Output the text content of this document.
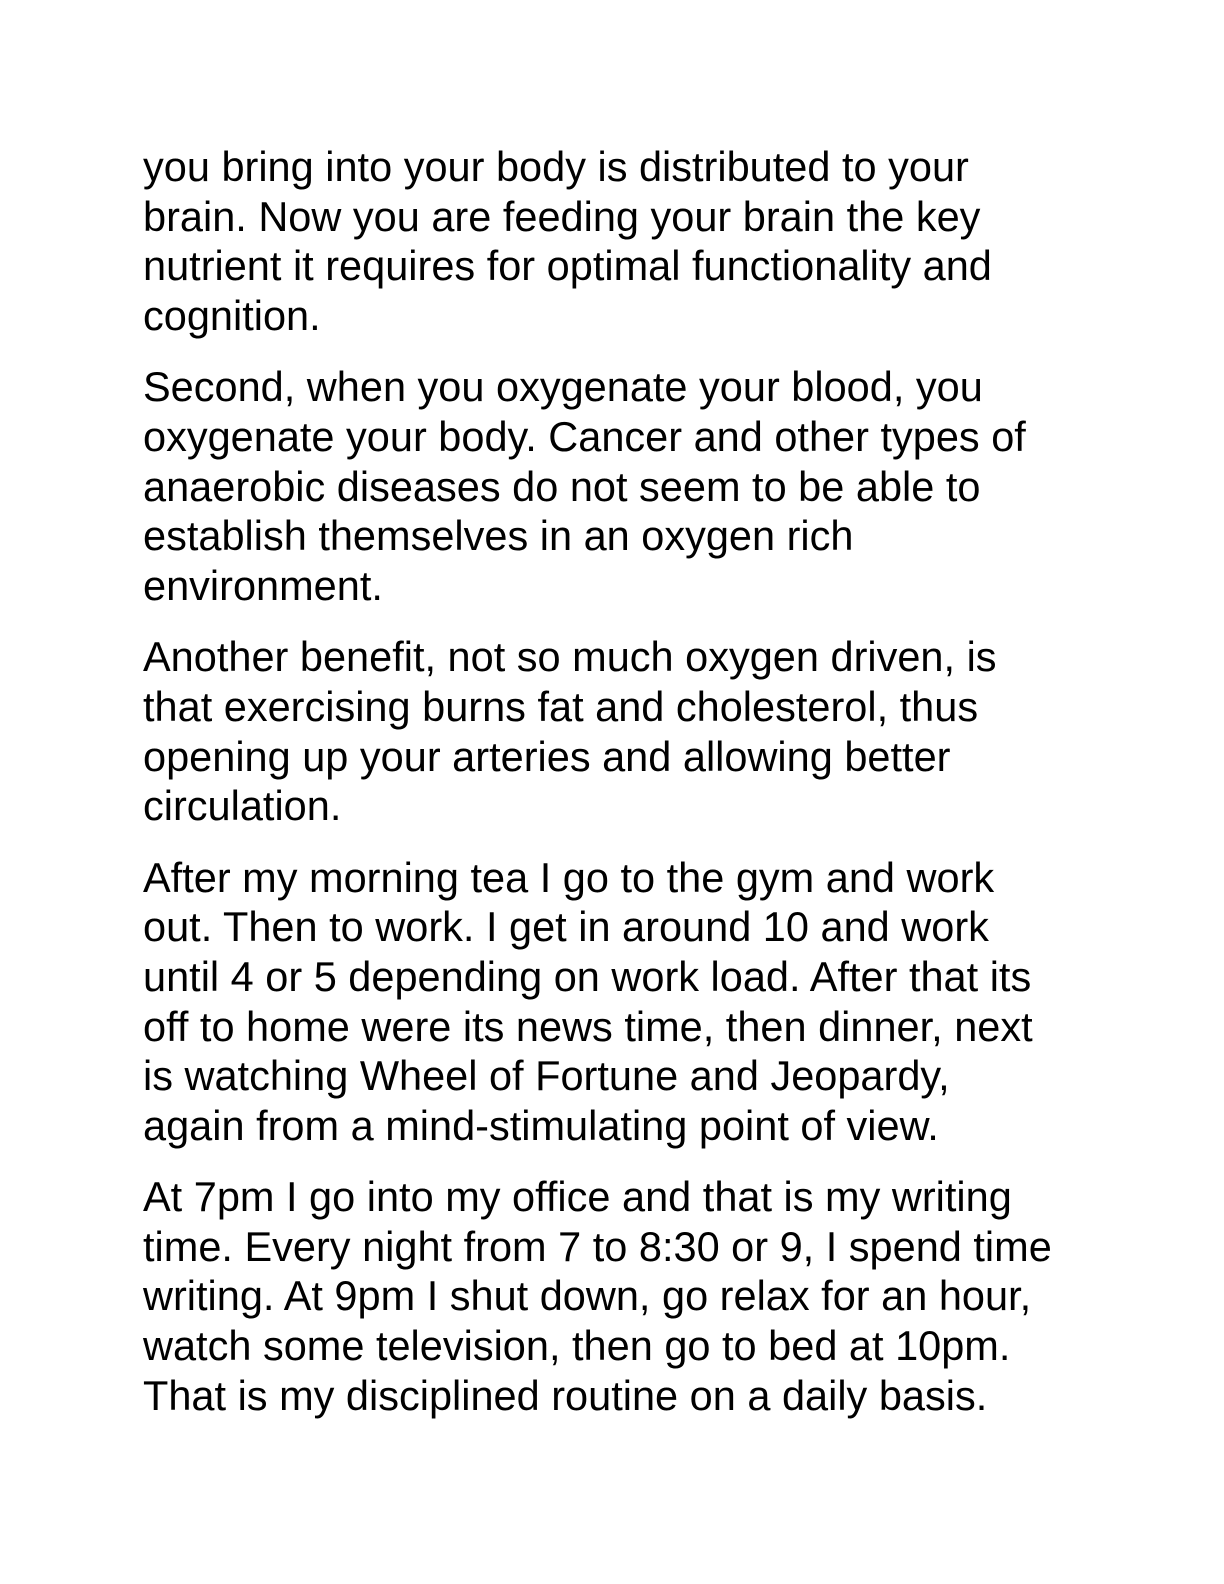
you bring into your body is distributed to your
brain. Now you are feeding your brain the key
nutrient it requires for optimal functionality and
cognition.

Second, when you oxygenate your blood, you
oxygenate your body. Cancer and other types of
anaerobic diseases do not seem to be able to
establish themselves in an oxygen rich
environment.

Another benefit, not so much oxygen driven, is
that exercising burns fat and cholesterol, thus
opening up your arteries and allowing better
circulation.

After my morning tea I go to the gym and work
out. Then to work. I get in around 10 and work
until 4 or 5 depending on work load. After that its
off to home were its news time, then dinner, next
is watching Wheel of Fortune and Jeopardy,
again from a mind-stimulating point of view.

At 7pm I go into my office and that is my writing
time. Every night from 7 to 8:30 or 9, I spend time
writing. At 9pm I shut down, go relax for an hour,
watch some television, then go to bed at 10pm.
That is my disciplined routine on a daily basis.
